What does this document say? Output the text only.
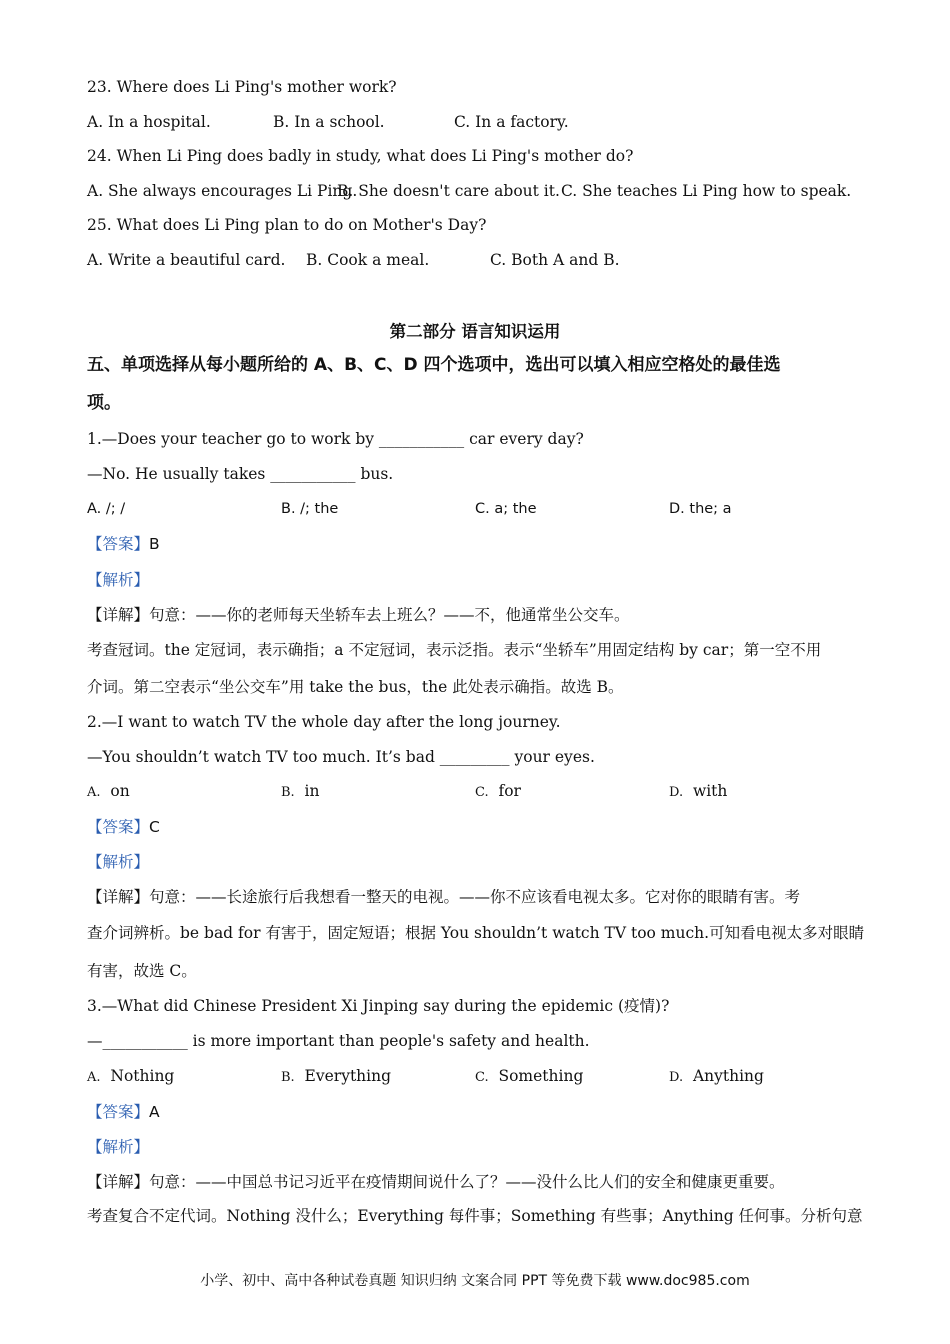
23. Where does Li Ping's mother work?
A. In a hospital.	B. In a school.	C. In a factory.
24. When Li Ping does badly in study, what does Li Ping's mother do?
A. She always encourages Li Ping.
B. She doesn't care about it. C. She teaches Li Ping how to speak.
25. What does Li Ping plan to do on Mother's Day?
A. Write a beautiful card. B. Cook a meal.	C. Both A and B.
第二部分 语言知识运用
五、单项选择从每小题所给的 A、B、C、D 四个选项中，选出可以填入相应空格处的最佳选
项。
1.—Does your teacher go to work by ___________ car every day?
—No. He usually takes ___________ bus.
A. /; /	B. /; the	C. a; the	D. the; a
【答案】B
【解析】
【详解】句意：——你的老师每天坐轿车去上班么？——不，他通常坐公交车。
考查冠词。the 定冠词，表示确指；a 不定冠词，表示泛指。表示“坐轿车”用固定结构 by car；第一空不用
介词。第二空表示“坐公交车”用 take the bus，the 此处表示确指。故选 B。
2.—I want to watch TV the whole day after the long journey.
—You shouldn’t watch TV too much. It’s bad _________ your eyes.
A. on	B. in	C. for	D. with
【答案】C
【解析】
【详解】句意：——长途旅行后我想看一整天的电视。——你不应该看电视太多。它对你的眼睛有害。考
查介词辨析。be bad for 有害于，固定短语；根据 You shouldn’t watch TV too much.可知看电视太多对眼睛
有害，故选 C。
3.—What did Chinese President Xi Jinping say during the epidemic (疫情)?
—___________ is more important than people's safety and health.
A. Nothing	B. Everything	C. Something	D. Anything
【答案】A
【解析】
【详解】句意：——中国总书记习近平在疫情期间说什么了？——没什么比人们的安全和健康更重要。
考查复合不定代词。Nothing 没什么；Everything 每件事；Something 有些事；Anything 任何事。分析句意
小学、初中、高中各种试卷真题 知识归纳 文案合同 PPT 等免费下载 www.doc985.com
